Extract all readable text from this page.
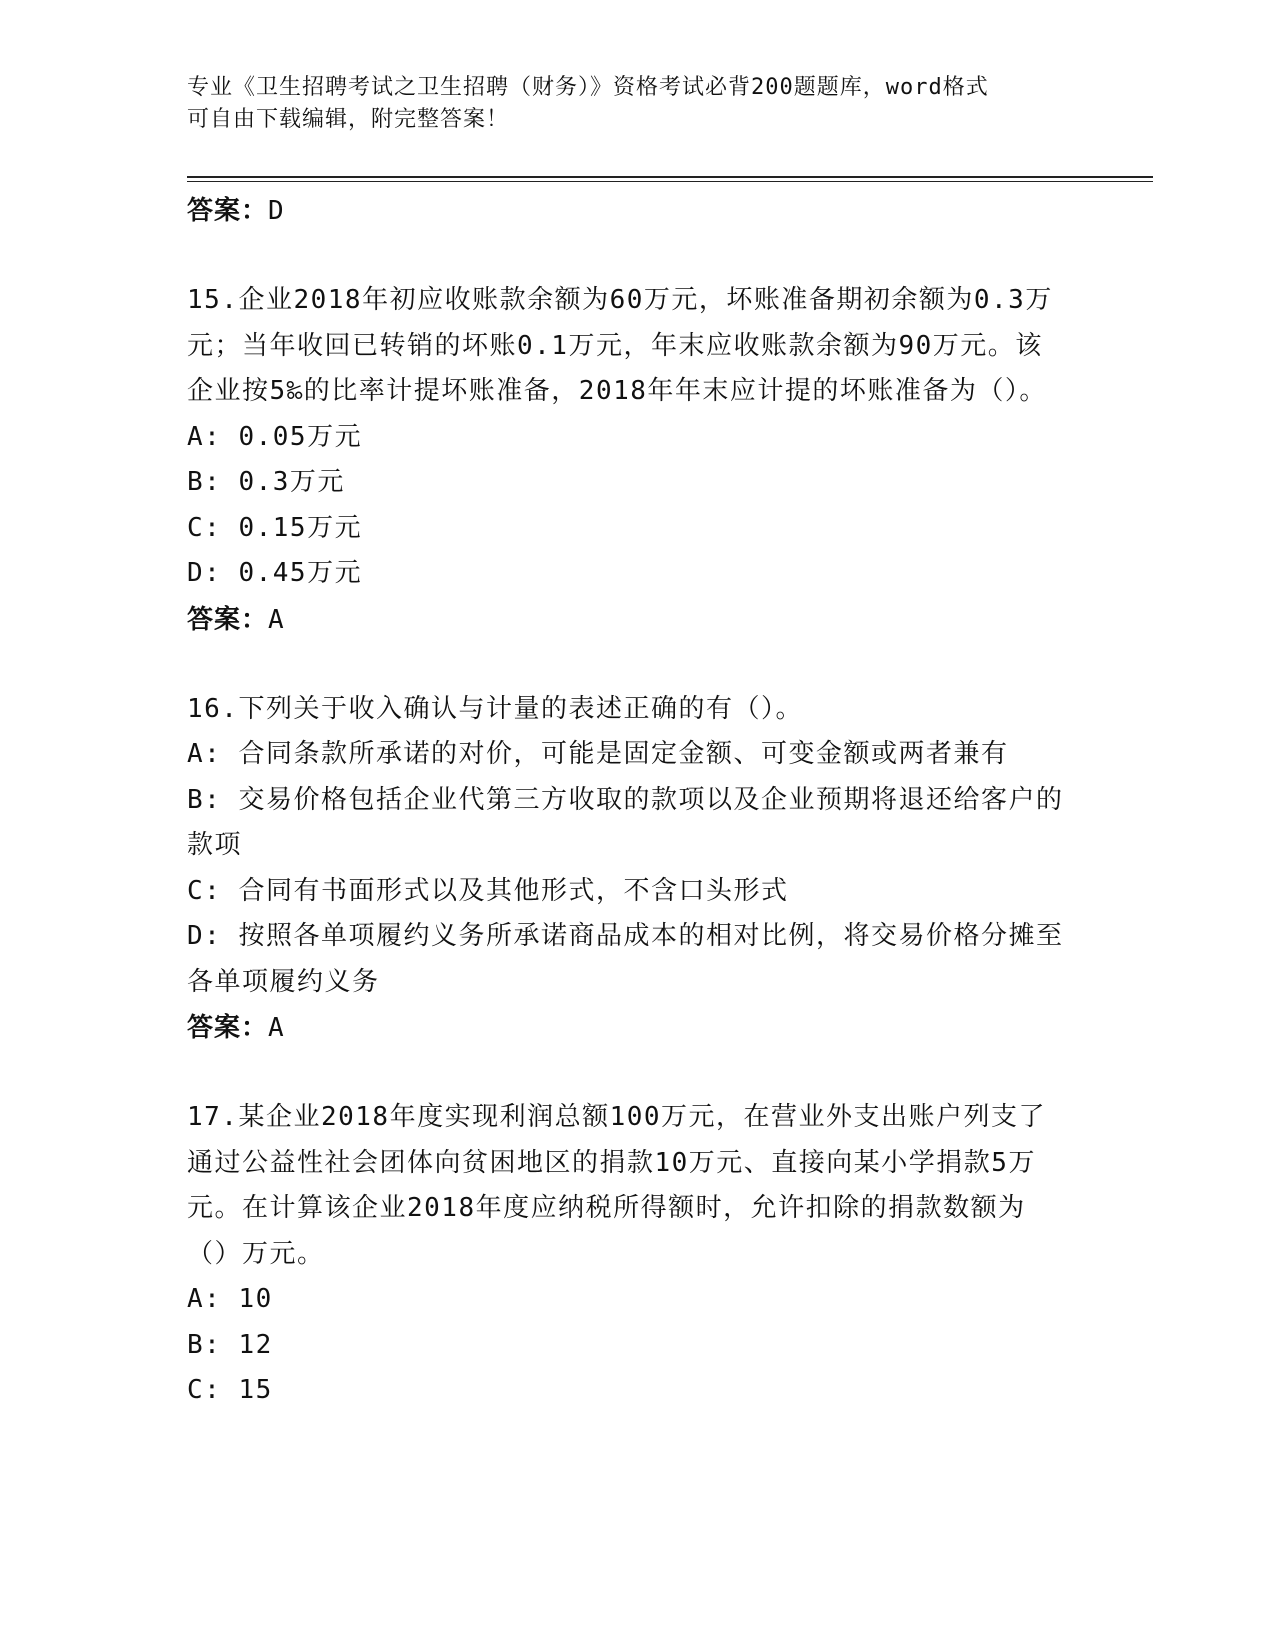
专业《卫生招聘考试之卫生招聘（财务）》资格考试必背200题题库，word格式
可自由下载编辑，附完整答案！
答案：D

15.企业2018年初应收账款余额为60万元，坏账准备期初余额为0.3万元；当年收回已转销的坏账0.1万元，年末应收账款余额为90万元。该企业按5‰的比率计提坏账准备，2018年年末应计提的坏账准备为（）。

A: 0.05万元

B: 0.3万元

C: 0.15万元

D: 0.45万元

答案：A

16.下列关于收入确认与计量的表述正确的有（）。

A: 合同条款所承诺的对价，可能是固定金额、可变金额或两者兼有

B: 交易价格包括企业代第三方收取的款项以及企业预期将退还给客户的款项

C: 合同有书面形式以及其他形式，不含口头形式

D: 按照各单项履约义务所承诺商品成本的相对比例，将交易价格分摊至各单项履约义务

答案：A

17.某企业2018年度实现利润总额100万元，在营业外支出账户列支了通过公益性社会团体向贫困地区的捐款10万元、直接向某小学捐款5万元。在计算该企业2018年度应纳税所得额时，允许扣除的捐款数额为（）万元。

A: 10

B: 12

C: 15
